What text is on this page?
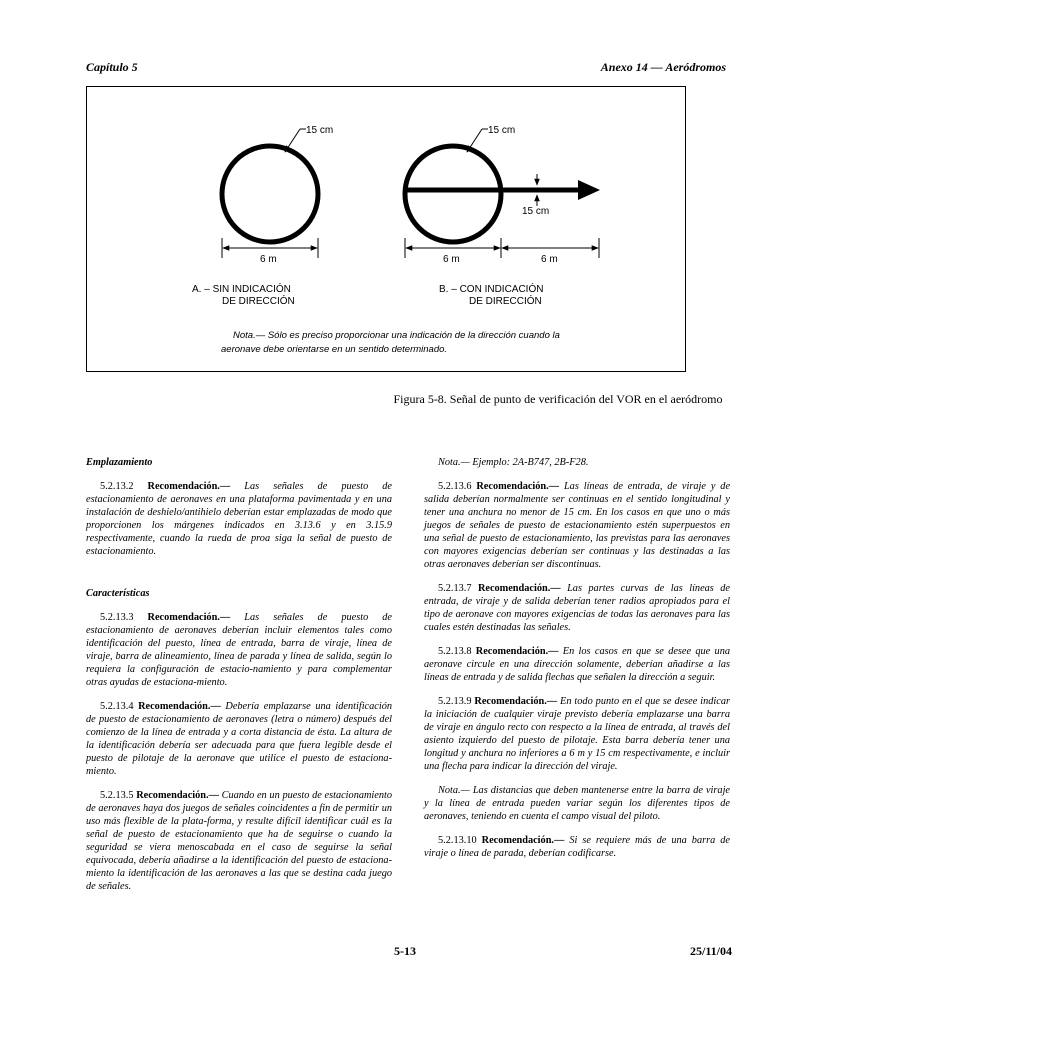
Capítulo 5	Anexo 14 — Aeródromos
15 cm
6 m
15 cm
15 cm
6 m	6 m
A. – SIN INDICACIÓN
DE DIRECCIÓN
B. – CON INDICACIÓN
DE DIRECCIÓN
Nota.— Sólo es preciso proporcionar una indicación de la dirección cuando la
aeronave debe orientarse en un sentido determinado.
Figura 5-8. Señal de punto de verificación del VOR en el aeródromo

Emplazamiento

5.2.13.2 Recomendación.— Las señales de puesto de estacionamiento de aeronaves en una plataforma pavimentada y en una instalación de deshielo/antihielo deberían estar emplazadas de modo que proporcionen los márgenes indicados en 3.13.6 y en 3.15.9 respectivamente, cuando la rueda de proa siga la señal de puesto de estacionamiento.

Características

5.2.13.3 Recomendación.— Las señales de puesto de estacionamiento de aeronaves deberían incluir elementos tales como identificación del puesto, línea de entrada, barra de viraje, línea de viraje, barra de alineamiento, línea de parada y línea de salida, según lo requiera la configuración de estacio-namiento y para complementar otras ayudas de estaciona-miento.

5.2.13.4 Recomendación.— Debería emplazarse una identificación de puesto de estacionamiento de aeronaves (letra o número) después del comienzo de la línea de entrada y a corta distancia de ésta. La altura de la identificación debería ser adecuada para que fuera legible desde el puesto de pilotaje de la aeronave que utilice el puesto de estaciona-miento.

5.2.13.5 Recomendación.— Cuando en un puesto de estacionamiento de aeronaves haya dos juegos de señales coincidentes a fin de permitir un uso más flexible de la plata-forma, y resulte difícil identificar cuál es la señal de puesto de estacionamiento que ha de seguirse o cuando la seguridad se viera menoscabada en el caso de seguirse la señal equivocada, debería añadirse a la identificación del puesto de estaciona-miento la identificación de las aeronaves a las que se destina cada juego de señales.

Nota.— Ejemplo: 2A-B747, 2B-F28.

5.2.13.6 Recomendación.— Las líneas de entrada, de viraje y de salida deberían normalmente ser continuas en el sentido longitudinal y tener una anchura no menor de 15 cm. En los casos en que uno o más juegos de señales de puesto de estacionamiento estén superpuestos en una señal de puesto de estacionamiento, las previstas para las aeronaves con mayores exigencias deberían ser continuas y las destinadas a las otras aeronaves deberían ser discontinuas.

5.2.13.7 Recomendación.— Las partes curvas de las líneas de entrada, de viraje y de salida deberían tener radios apropiados para el tipo de aeronave con mayores exigencias de todas las aeronaves para las cuales estén destinadas las señales.

5.2.13.8 Recomendación.— En los casos en que se desee que una aeronave circule en una dirección solamente, deberían añadirse a las líneas de entrada y de salida flechas que señalen la dirección a seguir.

5.2.13.9 Recomendación.— En todo punto en el que se desee indicar la iniciación de cualquier viraje previsto debería emplazarse una barra de viraje en ángulo recto con respecto a la línea de entrada, al través del asiento izquierdo del puesto de pilotaje. Esta barra debería tener una longitud y anchura no inferiores a 6 m y 15 cm respectivamente, e incluir una flecha para indicar la dirección del viraje.

Nota.— Las distancias que deben mantenerse entre la barra de viraje y la línea de entrada pueden variar según los diferentes tipos de aeronaves, teniendo en cuenta el campo visual del piloto.

5.2.13.10 Recomendación.— Si se requiere más de una barra de viraje o línea de parada, deberían codificarse.

5-13	25/11/04
